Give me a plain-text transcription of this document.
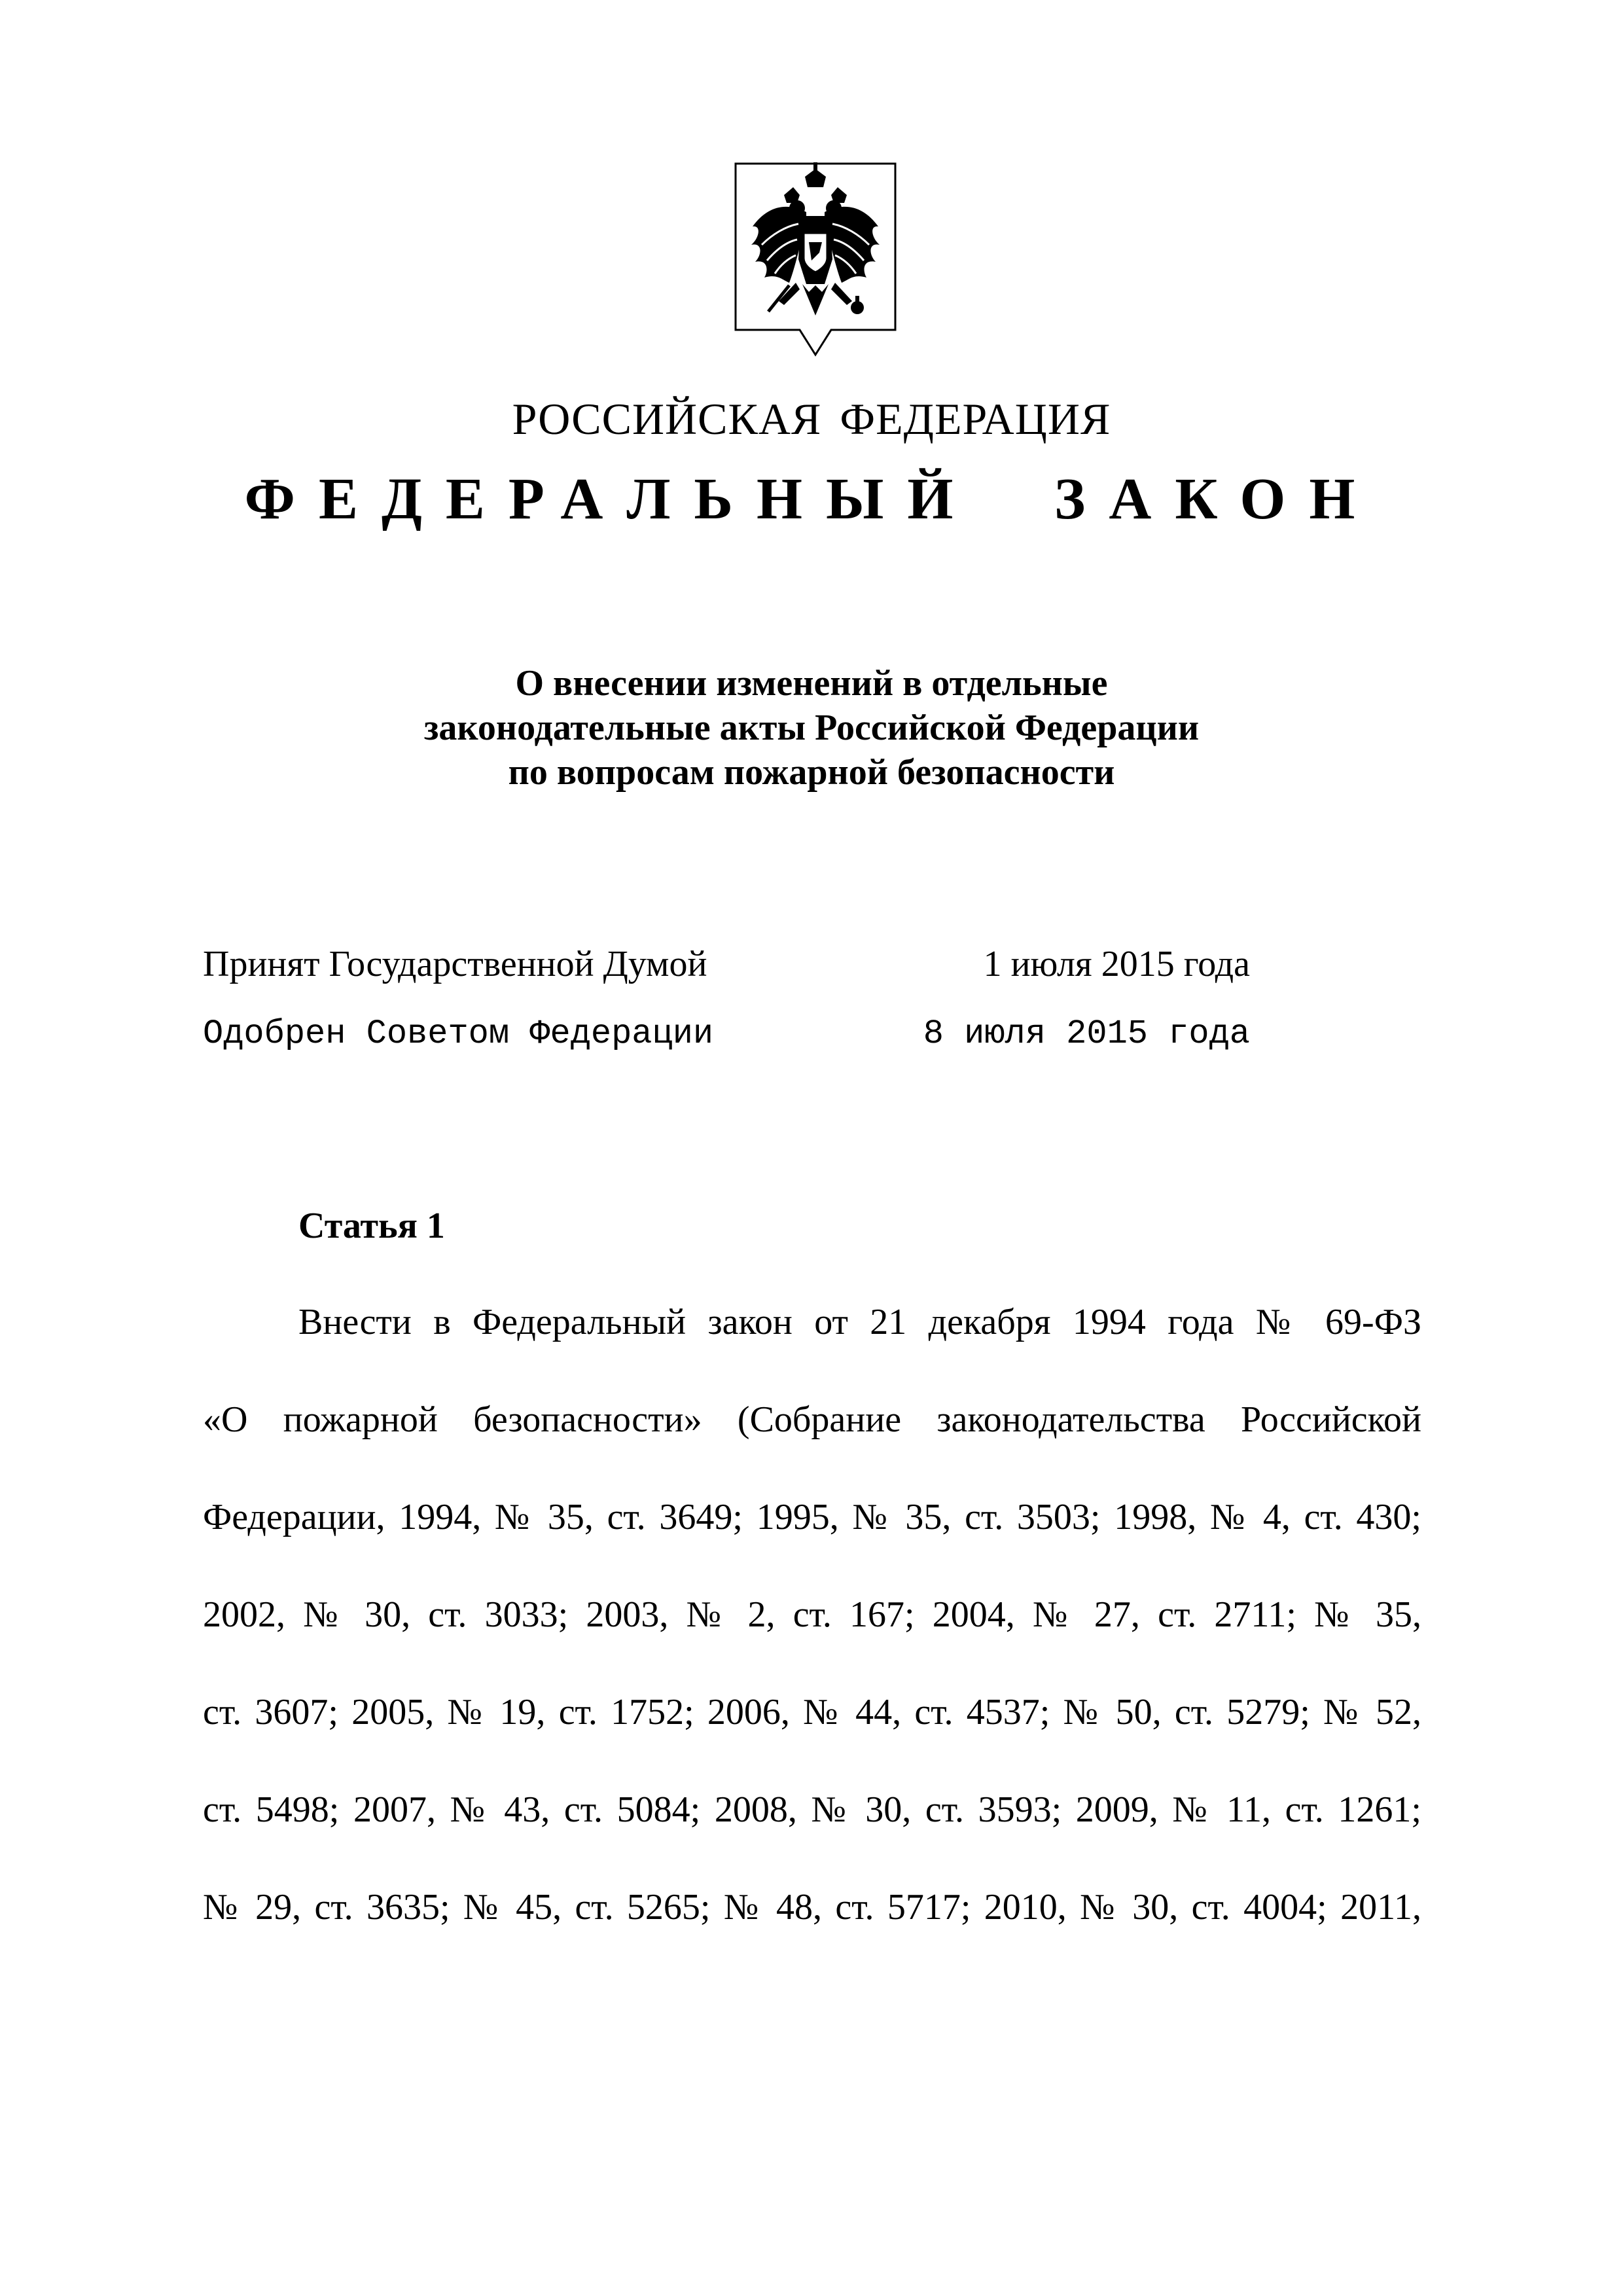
РОССИЙСКАЯ ФЕДЕРАЦИЯ
ФЕДЕРАЛЬНЫЙ ЗАКОН
О внесении изменений в отдельные
законодательные акты Российской Федерации
по вопросам пожарной безопасности
Принят Государственной Думой	1 июля 2015 года
Одобрен Советом Федерации	8 июля 2015 года
Статья 1
Внести в Федеральный закон от 21 декабря 1994 года № 69-ФЗ
«О пожарной безопасности» (Собрание законодательства Российской
Федерации, 1994, № 35, ст. 3649; 1995, № 35, ст. 3503; 1998, № 4, ст. 430;
2002, № 30, ст. 3033; 2003, № 2, ст. 167; 2004, № 27, ст. 2711; № 35,
ст. 3607; 2005, № 19, ст. 1752; 2006, № 44, ст. 4537; № 50, ст. 5279; № 52,
ст. 5498; 2007, № 43, ст. 5084; 2008, № 30, ст. 3593; 2009, № 11, ст. 1261;
№ 29, ст. 3635; № 45, ст. 5265; № 48, ст. 5717; 2010, № 30, ст. 4004; 2011,
